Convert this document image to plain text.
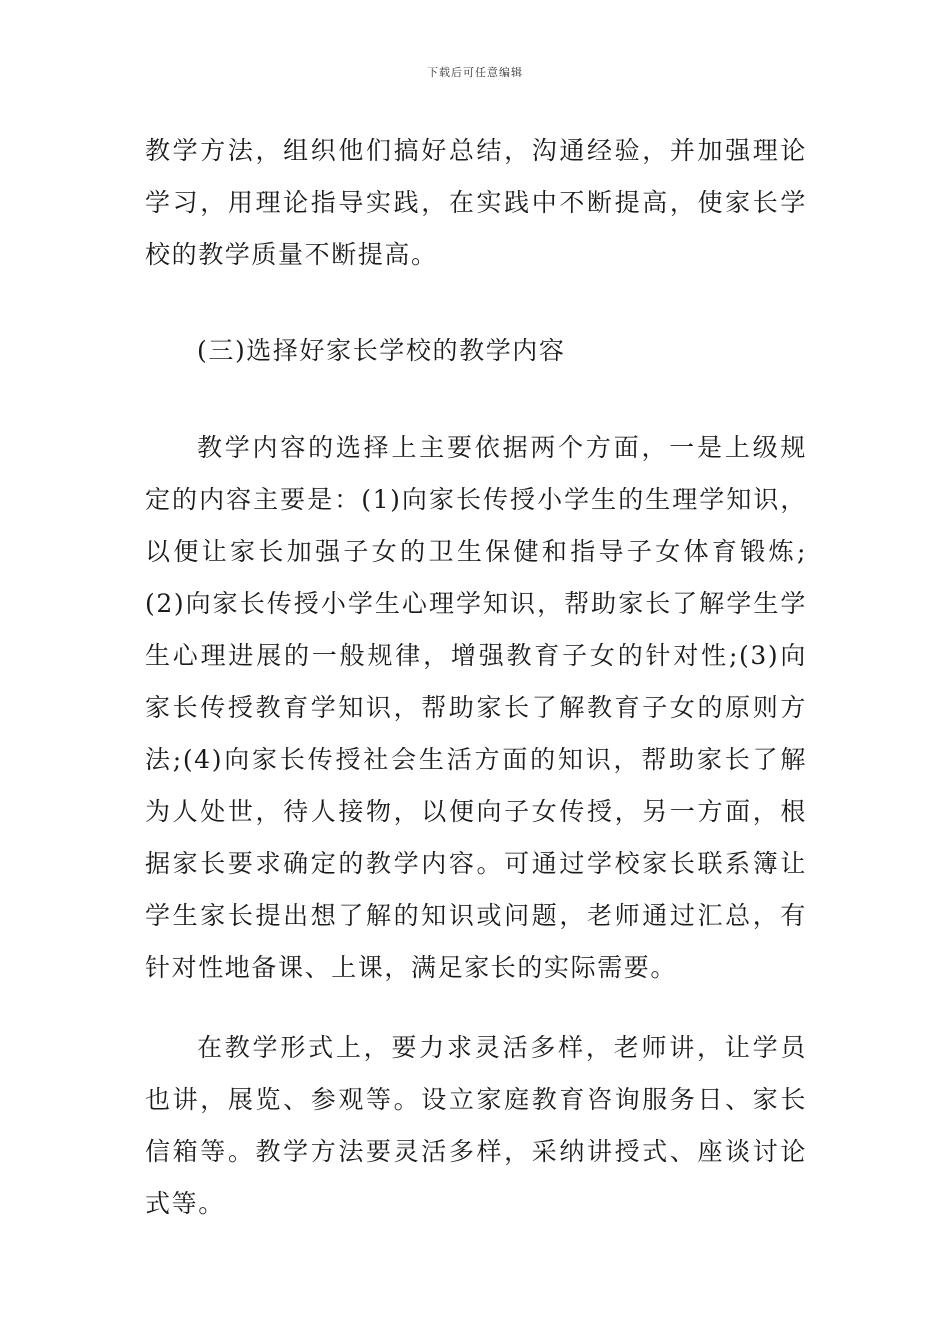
下载后可任意编辑

教学方法，组织他们搞好总结，沟通经验，并加强理论学习，用理论指导实践，在实践中不断提高，使家长学校的教学质量不断提高。

(三)选择好家长学校的教学内容

教学内容的选择上主要依据两个方面，一是上级规定的内容主要是：(1)向家长传授小学生的生理学知识，以便让家长加强子女的卫生保健和指导子女体育锻炼;(2)向家长传授小学生心理学知识，帮助家长了解学生学生心理进展的一般规律，增强教育子女的针对性;(3)向家长传授教育学知识，帮助家长了解教育子女的原则方法;(4)向家长传授社会生活方面的知识，帮助家长了解为人处世，待人接物，以便向子女传授，另一方面，根据家长要求确定的教学内容。可通过学校家长联系簿让学生家长提出想了解的知识或问题，老师通过汇总，有针对性地备课、上课，满足家长的实际需要。

在教学形式上，要力求灵活多样，老师讲，让学员也讲，展览、参观等。设立家庭教育咨询服务日、家长信箱等。教学方法要灵活多样，采纳讲授式、座谈讨论式等。
